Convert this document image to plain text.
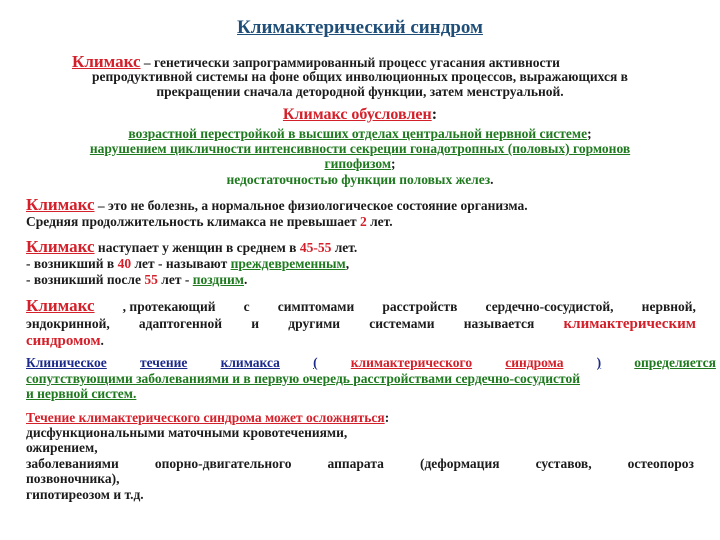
Климактерический синдром
Климакс – генетически запрограммированный процесс угасания активности
репродуктивной системы на фоне общих инволюционных процессов, выражающихся в
прекращении сначала детородной функции, затем менструальной.
Климакс обусловлен:
возрастной перестройкой в высших отделах центральной нервной системе;
нарушением цикличности интенсивности секреции гонадотропных (половых) гормонов
гипофизом;
недостаточностью функции половых желез.
Климакс – это не болезнь, а нормальное физиологическое состояние организма.
Средняя продолжительность климакса не превышает 2 лет.
Климакс наступает у женщин в среднем в 45-55 лет.
- возникший в 40 лет - называют преждевременным,
- возникший после 55 лет - поздним.
Климакс , протекающий с симптомами расстройств сердечно-сосудистой, нервной,
эндокринной, адаптогенной и другими системами называется климактерическим
синдромом.
Клиническое течение климакса ( климактерического синдрома ) определяется
сопутствующими заболеваниями и в первую очередь расстройствами сердечно-сосудистой
и нервной систем.
Течение климактерического синдрома может осложняться:
дисфункциональными маточными кровотечениями,
ожирением,
заболеваниями	опорно-двигательного	аппарата	(деформация	суставов,	остеопороз
позвоночника),
гипотиреозом и т.д.
